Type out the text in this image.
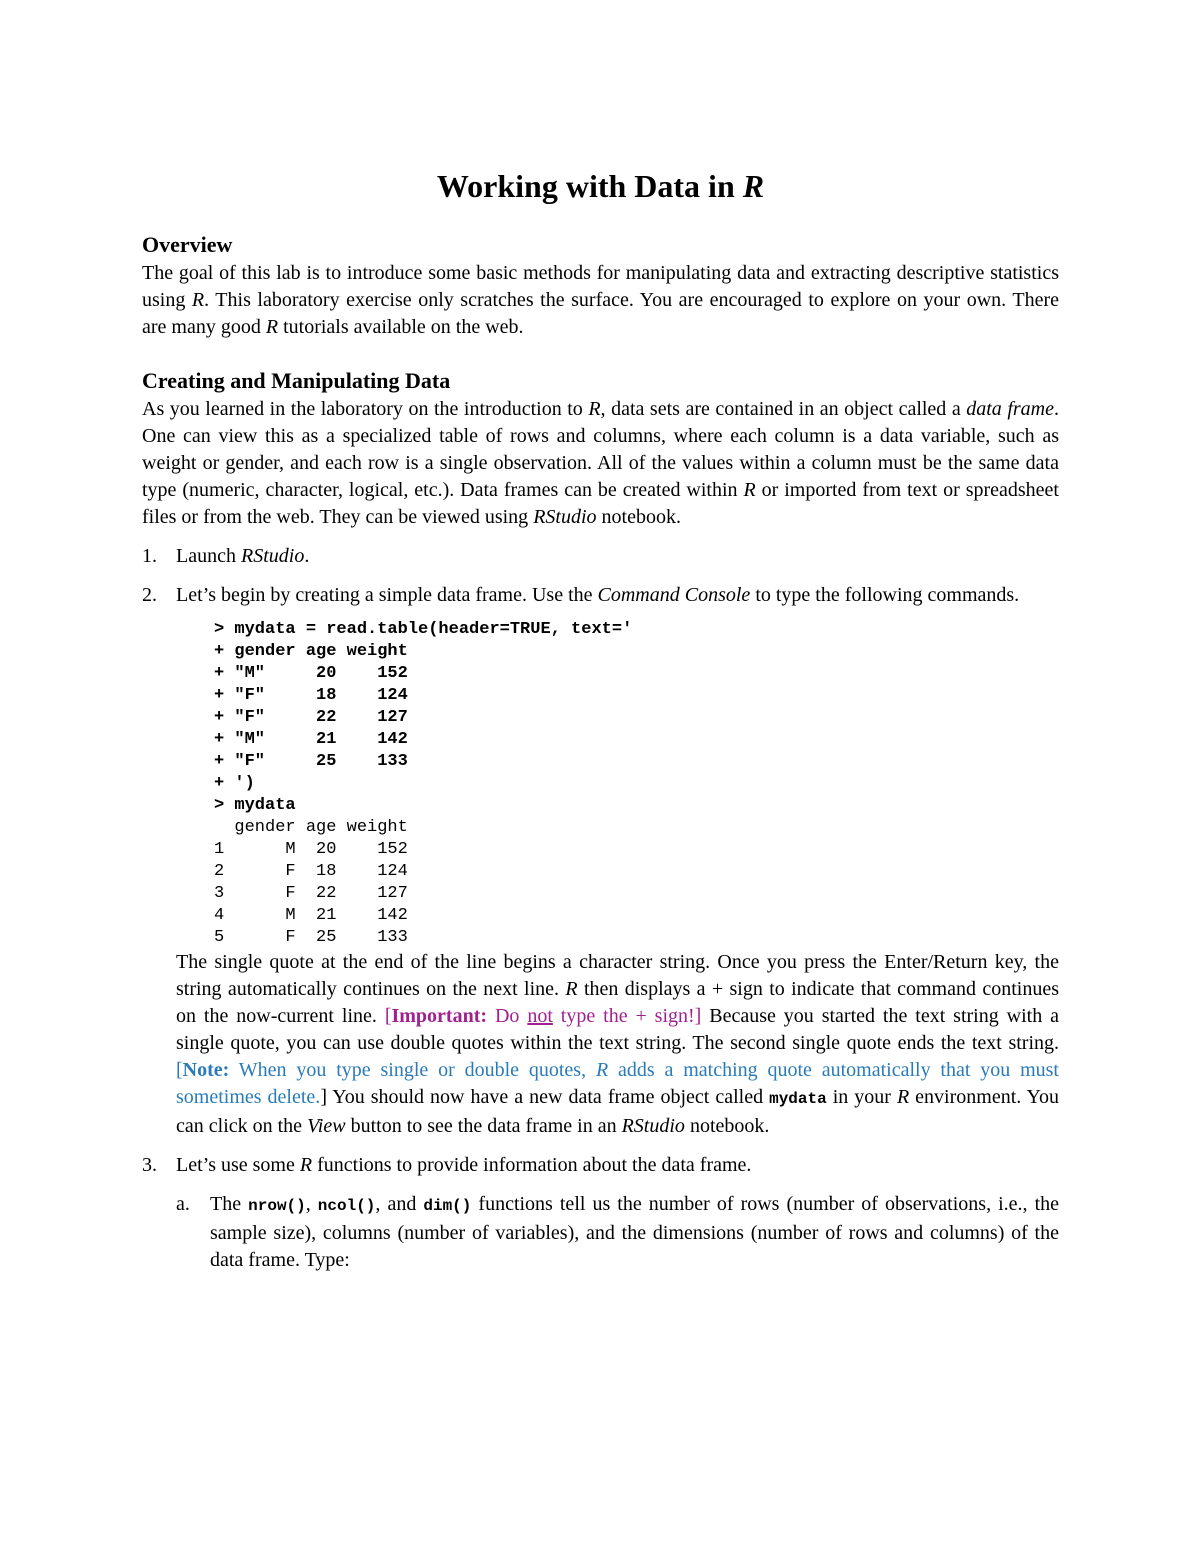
Working with Data in R
Overview

The goal of this lab is to introduce some basic methods for manipulating data and extracting descriptive statistics using R. This laboratory exercise only scratches the surface. You are encouraged to explore on your own. There are many good R tutorials available on the web.

Creating and Manipulating Data

As you learned in the laboratory on the introduction to R, data sets are contained in an object called a data frame. One can view this as a specialized table of rows and columns, where each column is a data variable, such as weight or gender, and each row is a single observation. All of the values within a column must be the same data type (numeric, character, logical, etc.). Data frames can be created within R or imported from text or spreadsheet files or from the web. They can be viewed using RStudio notebook.

1. Launch RStudio.
2. Let’s begin by creating a simple data frame. Use the Command Console to type the following commands.
> mydata = read.table(header=TRUE, text='
+ gender age weight
+ "M"     20    152
+ "F"     18    124
+ "F"     22    127
+ "M"     21    142
+ "F"     25    133
+ ')
> mydata
gender age weight
1      M  20    152
2      F  18    124
3      F  22    127
4      M  21    142
5      F  25    133

The single quote at the end of the line begins a character string. Once you press the Enter/Return key, the string automatically continues on the next line. R then displays a + sign to indicate that command continues on the now-current line. [Important: Do not type the + sign!] Because you started the text string with a single quote, you can use double quotes within the text string. The second single quote ends the text string. [Note: When you type single or double quotes, R adds a matching quote automatically that you must sometimes delete.] You should now have a new data frame object called mydata in your R environment. You can click on the View button to see the data frame in an RStudio notebook.

3. Let’s use some R functions to provide information about the data frame.
a. The nrow(), ncol(), and dim() functions tell us the number of rows (number of observations, i.e., the sample size), columns (number of variables), and the dimensions (number of rows and columns) of the data frame. Type:
